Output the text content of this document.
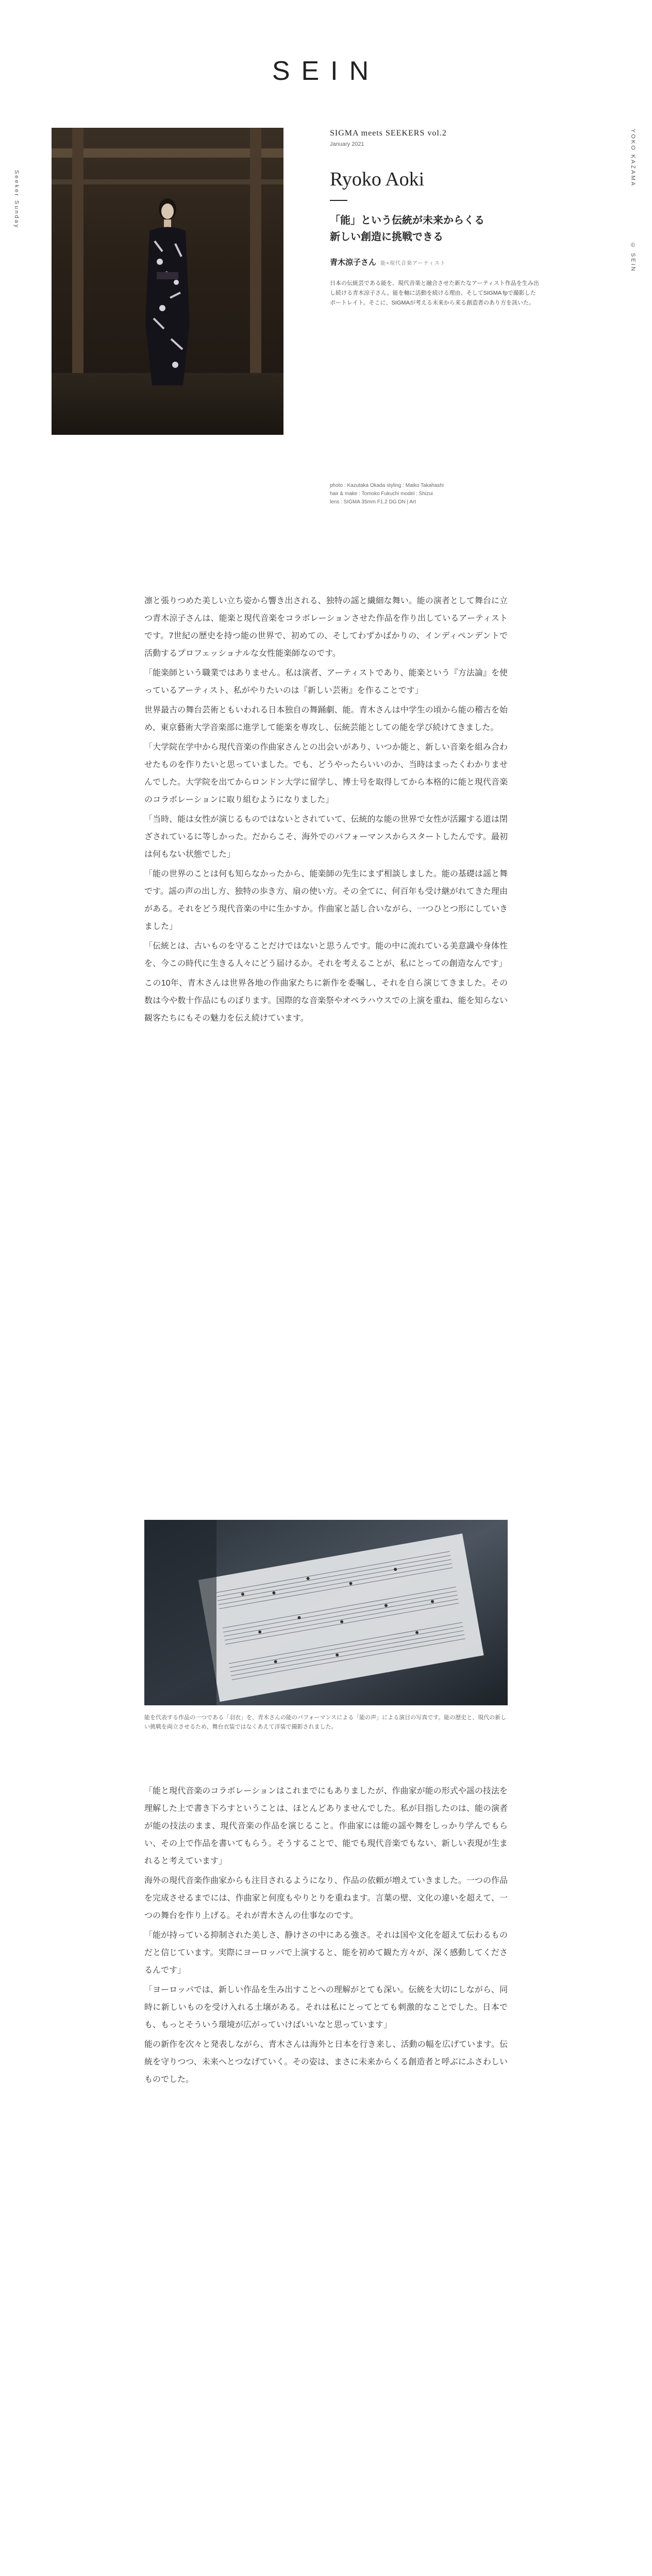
SEIN
Seeker Sunday
YOKO KAZAMA
© SEIN
SIGMA meets SEEKERS vol.2
January 2021
Ryoko Aoki
「能」という伝統が未来からくる
新しい創造に挑戦できる
青木涼子さん 能×現代音楽アーティスト
日本の伝統芸である能を、現代音楽と融合させた新たなアーティスト作品を生み出し続ける青木涼子さん。能を軸に活動を続ける理由、そしてSIGMA fpで撮影したポートレイト。そこに、SIGMAが考える未来から来る創造者のあり方を訊いた。
photo : Kazutaka Okada styling : Maiko Takahashi
hair & make : Tomoko Fukuchi model : Shizui
lens : SIGMA 35mm F1.2 DG DN | Art

凛と張りつめた美しい立ち姿から響き出される、独特の謡と繊細な舞い。能の演者として舞台に立つ青木涼子さんは、能楽と現代音楽をコラボレーションさせた作品を作り出しているアーティストです。7世紀の歴史を持つ能の世界で、初めての、そしてわずかばかりの、インディペンデントで活動するプロフェッショナルな女性能楽師なのです。

「能楽師という職業ではありません。私は演者、アーティストであり、能楽という『方法論』を使っているアーティスト、私がやりたいのは『新しい芸術』を作ることです」

世界最古の舞台芸術ともいわれる日本独自の舞踊劇、能。青木さんは中学生の頃から能の稽古を始め、東京藝術大学音楽部に進学して能楽を専攻し、伝統芸能としての能を学び続けてきました。

「大学院在学中から現代音楽の作曲家さんとの出会いがあり、いつか能と、新しい音楽を組み合わせたものを作りたいと思っていました。でも、どうやったらいいのか、当時はまったくわかりませんでした。大学院を出てからロンドン大学に留学し、博士号を取得してから本格的に能と現代音楽のコラボレーションに取り組むようになりました」

「当時、能は女性が演じるものではないとされていて、伝統的な能の世界で女性が活躍する道は閉ざされているに等しかった。だからこそ、海外でのパフォーマンスからスタートしたんです。最初は何もない状態でした」

「能の世界のことは何も知らなかったから、能楽師の先生にまず相談しました。能の基礎は謡と舞です。謡の声の出し方、独特の歩き方、扇の使い方。その全てに、何百年も受け継がれてきた理由がある。それをどう現代音楽の中に生かすか。作曲家と話し合いながら、一つひとつ形にしていきました」

「伝統とは、古いものを守ることだけではないと思うんです。能の中に流れている美意識や身体性を、今この時代に生きる人々にどう届けるか。それを考えることが、私にとっての創造なんです」

この10年、青木さんは世界各地の作曲家たちに新作を委嘱し、それを自ら演じてきました。その数は今や数十作品にものぼります。国際的な音楽祭やオペラハウスでの上演を重ね、能を知らない観客たちにもその魅力を伝え続けています。

能を代表する作品の一つである「羽衣」を、青木さんの能のパフォーマンスによる「能の声」による演目の写真です。能の歴史と、現代の新しい挑戦を両立させるため、舞台衣装ではなくあえて洋装で撮影されました。

「能と現代音楽のコラボレーションはこれまでにもありましたが、作曲家が能の形式や謡の技法を理解した上で書き下ろすということは、ほとんどありませんでした。私が目指したのは、能の演者が能の技法のまま、現代音楽の作品を演じること。作曲家には能の謡や舞をしっかり学んでもらい、その上で作品を書いてもらう。そうすることで、能でも現代音楽でもない、新しい表現が生まれると考えています」

海外の現代音楽作曲家からも注目されるようになり、作品の依頼が増えていきました。一つの作品を完成させるまでには、作曲家と何度もやりとりを重ねます。言葉の壁、文化の違いを超えて、一つの舞台を作り上げる。それが青木さんの仕事なのです。

「能が持っている抑制された美しさ、静けさの中にある強さ。それは国や文化を超えて伝わるものだと信じています。実際にヨーロッパで上演すると、能を初めて観た方々が、深く感動してくださるんです」

「ヨーロッパでは、新しい作品を生み出すことへの理解がとても深い。伝統を大切にしながら、同時に新しいものを受け入れる土壌がある。それは私にとってとても刺激的なことでした。日本でも、もっとそういう環境が広がっていけばいいなと思っています」

能の新作を次々と発表しながら、青木さんは海外と日本を行き来し、活動の幅を広げています。伝統を守りつつ、未来へとつなげていく。その姿は、まさに未来からくる創造者と呼ぶにふさわしいものでした。
